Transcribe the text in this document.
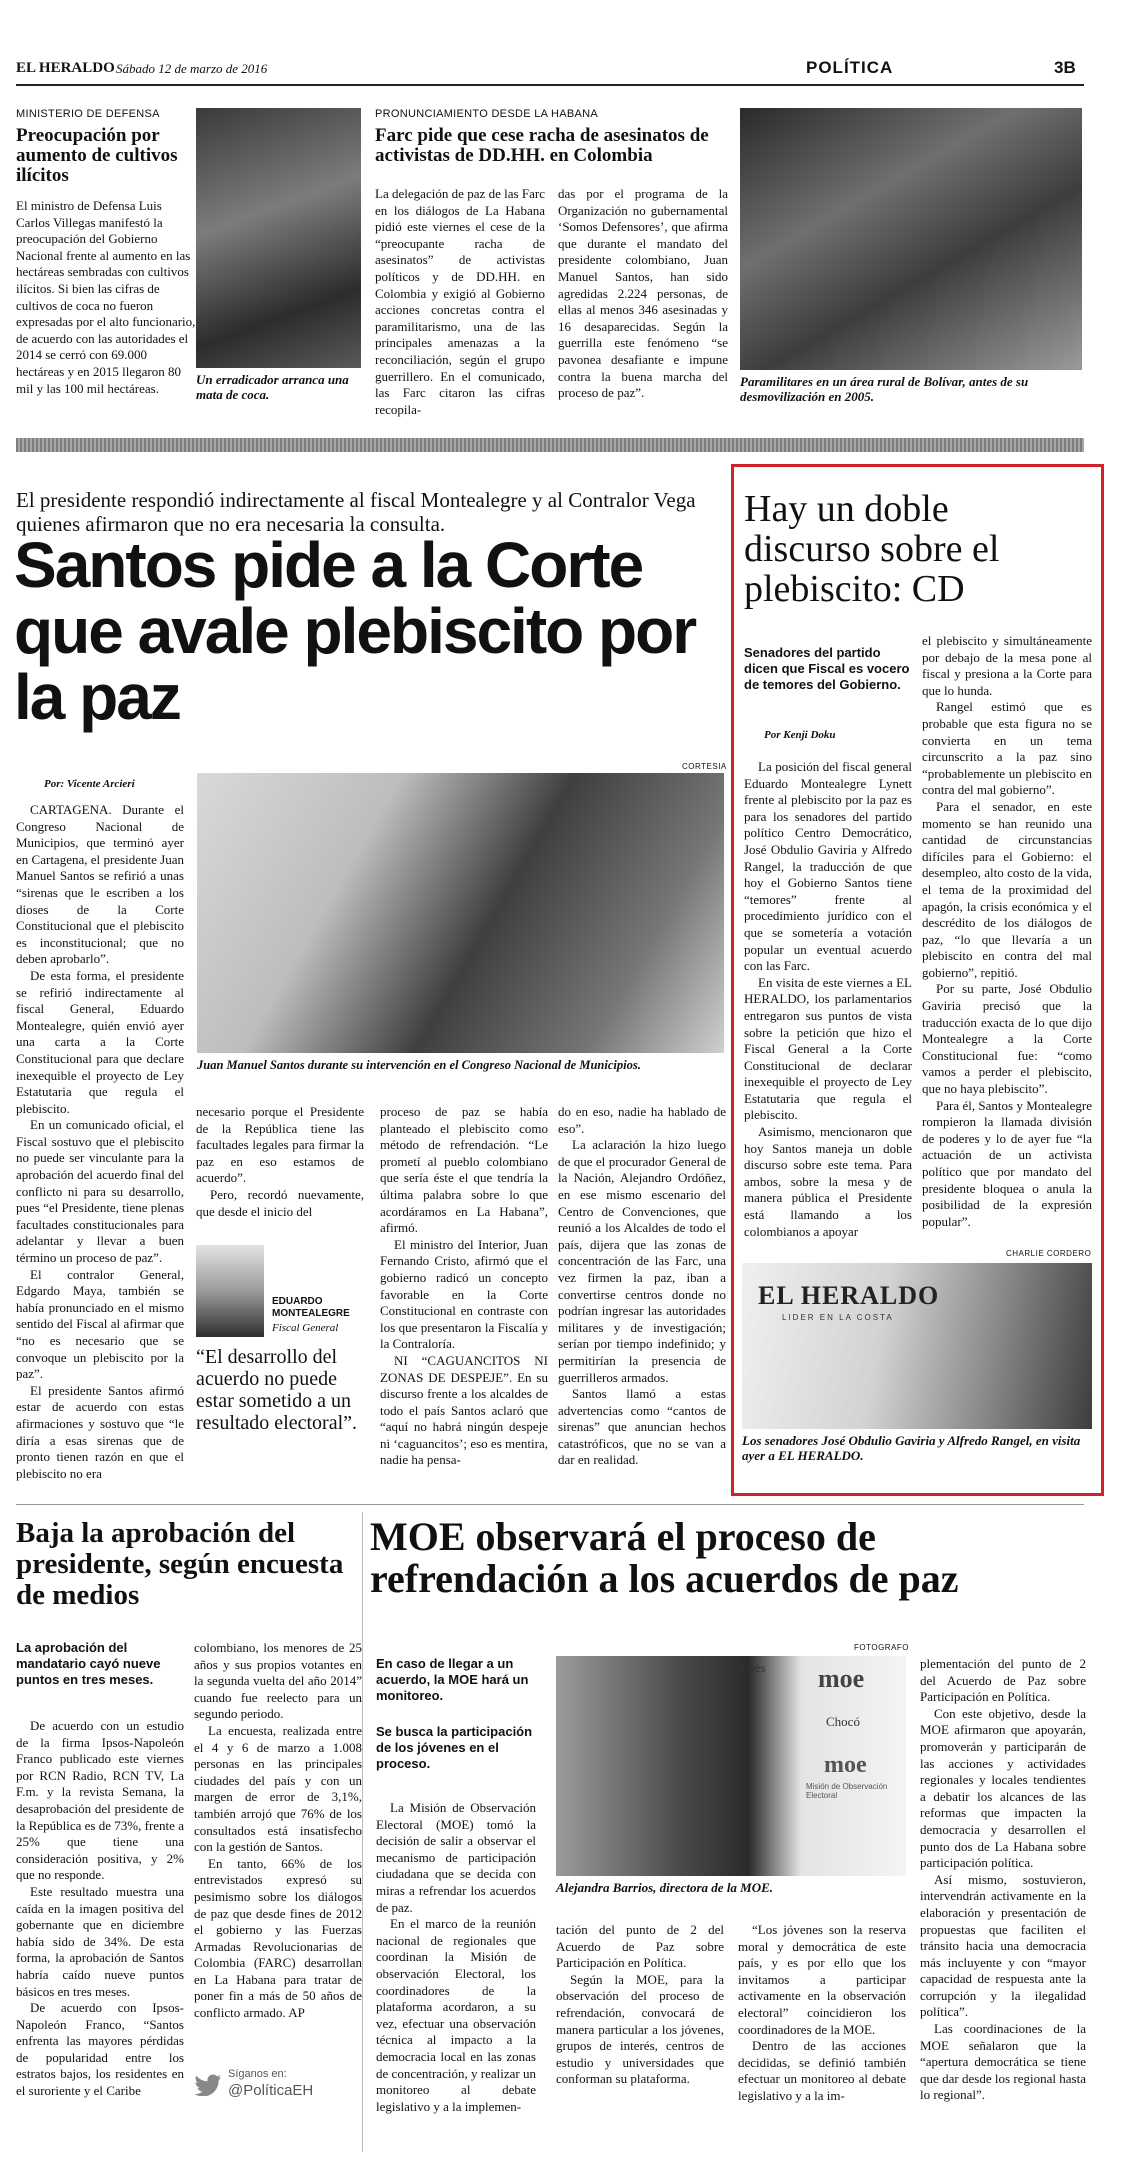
EL HERALDO Sábado 12 de marzo de 2016	POLÍTICA	3B
MINISTERIO DE DEFENSA
Preocupación por aumento de cultivos ilícitos

El ministro de Defensa Luis Carlos Villegas manifestó la preocupación del Gobierno Nacional frente al aumento en las hectáreas sembradas con cultivos ilícitos. Si bien las cifras de cultivos de coca no fueron expresadas por el alto funcionario, de acuerdo con las autoridades el 2014 se cerró con 69.000 hectáreas y en 2015 llegaron 80 mil y las 100 mil hectáreas.

Un erradicador arranca una mata de coca.
PRONUNCIAMIENTO DESDE LA HABANA
Farc pide que cese racha de asesinatos de activistas de DD.HH. en Colombia

La delegación de paz de las Farc en los diálogos de La Habana pidió este viernes el cese de la “preocupante racha de asesinatos” de activistas políticos y de DD.HH. en Colombia y exigió al Gobierno acciones concretas contra el paramilitarismo, una de las principales amenazas a la reconciliación, según el grupo guerrillero. En el comunicado, las Farc citaron las cifras recopila-

das por el programa de la Organización no gubernamental ‘Somos Defensores’, que afirma que durante el mandato del presidente colombiano, Juan Manuel Santos, han sido agredidas 2.224 personas, de ellas al menos 346 asesinadas y 16 desaparecidas. Según la guerrilla este fenómeno “se pavonea desafiante e impune contra la buena marcha del proceso de paz”.

Paramilitares en un área rural de Bolívar, antes de su desmovilización en 2005.
El presidente respondió indirectamente al fiscal Montealegre y al Contralor Vega quienes afirmaron que no era necesaria la consulta.
Santos pide a la Corte que avale plebiscito por la paz
Por: Vicente Arcieri
CORTESIA
Juan Manuel Santos durante su intervención en el Congreso Nacional de Municipios.

CARTAGENA. Durante el Congreso Nacional de Municipios, que terminó ayer en Cartagena, el presidente Juan Manuel Santos se refirió a unas “sirenas que le escriben a los dioses de la Corte Constitucional que el plebiscito es inconstitucional; que no deben aprobarlo”.

De esta forma, el presidente se refirió indirectamente al fiscal General, Eduardo Montealegre, quién envió ayer una carta a la Corte Constitucional para que declare inexequible el proyecto de Ley Estatutaria que regula el plebiscito.

En un comunicado oficial, el Fiscal sostuvo que el plebiscito no puede ser vinculante para la aprobación del acuerdo final del conflicto ni para su desarrollo, pues “el Presidente, tiene plenas facultades constitucionales para adelantar y llevar a buen término un proceso de paz”.

El contralor General, Edgardo Maya, también se había pronunciado en el mismo sentido del Fiscal al afirmar que “no es necesario que se convoque un plebiscito por la paz”.

El presidente Santos afirmó estar de acuerdo con estas afirmaciones y sostuvo que “le diría a esas sirenas que de pronto tienen razón en que el plebiscito no era

necesario porque el Presidente de la República tiene las facultades legales para firmar la paz en eso estamos de acuerdo”.

Pero, recordó nuevamente, que desde el inicio del

EDUARDO MONTEALEGRE
Fiscal General
“El desarrollo del acuerdo no puede estar sometido a un resultado electoral”.

proceso de paz se había planteado el plebiscito como método de refrendación. “Le prometí al pueblo colombiano que sería éste el que tendría la última palabra sobre lo que acordáramos en La Habana”, afirmó.

El ministro del Interior, Juan Fernando Cristo, afirmó que el gobierno radicó un concepto favorable en la Corte Constitucional en contraste con los que presentaron la Fiscalía y la Contraloría.

NI “CAGUANCITOS NI ZONAS DE DESPEJE”. En su discurso frente a los alcaldes de todo el país Santos aclaró que “aquí no habrá ningún despeje ni ‘caguancitos’; eso es mentira, nadie ha pensa-

do en eso, nadie ha hablado de eso”.

La aclaración la hizo luego de que el procurador General de la Nación, Alejandro Ordóñez, en ese mismo escenario del Centro de Convenciones, que reunió a los Alcaldes de todo el país, dijera que las zonas de concentración de las Farc, una vez firmen la paz, iban a convertirse centros donde no podrían ingresar las autoridades militares y de investigación; serían por tiempo indefinido; y permitirían la presencia de guerrilleros armados.

Santos llamó a estas advertencias como “cantos de sirenas” que anuncian hechos catastróficos, que no se van a dar en realidad.

Hay un doble discurso sobre el plebiscito: CD
Senadores del partido dicen que Fiscal es vocero de temores del Gobierno.
Por Kenji Doku

La posición del fiscal general Eduardo Montealegre Lynett frente al plebiscito por la paz es para los senadores del partido político Centro Democrático, José Obdulio Gaviria y Alfredo Rangel, la traducción de que hoy el Gobierno Santos tiene “temores” frente al procedimiento jurídico con el que se sometería a votación popular un eventual acuerdo con las Farc.

En visita de este viernes a EL HERALDO, los parlamentarios entregaron sus puntos de vista sobre la petición que hizo el Fiscal General a la Corte Constitucional de declarar inexequible el proyecto de Ley Estatutaria que regula el plebiscito.

Asimismo, mencionaron que hoy Santos maneja un doble discurso sobre este tema. Para ambos, sobre la mesa y de manera pública el Presidente está llamando a los colombianos a apoyar

el plebiscito y simultáneamente por debajo de la mesa pone al fiscal y presiona a la Corte para que lo hunda.

Rangel estimó que es probable que esta figura no se convierta en un tema circunscrito a la paz sino “probablemente un plebiscito en contra del mal gobierno”.

Para el senador, en este momento se han reunido una cantidad de circunstancias difíciles para el Gobierno: el desempleo, alto costo de la vida, el tema de la proximidad del apagón, la crisis económica y el descrédito de los diálogos de paz, “lo que llevaría a un plebiscito en contra del mal gobierno”, repitió.

Por su parte, José Obdulio Gaviria precisó que la traducción exacta de lo que dijo Montealegre a la Corte Constitucional fue: “como vamos a perder el plebiscito, que no haya plebiscito”.

Para él, Santos y Montealegre rompieron la llamada división de poderes y lo de ayer fue “la actuación de un activista político que por mandato del presidente bloquea o anula la posibilidad de la expresión popular”.

CHARLIE CORDERO
EL HERALDO
LIDER EN LA COSTA
Los senadores José Obdulio Gaviria y Alfredo Rangel, en visita ayer a EL HERALDO.
Baja la aprobación del presidente, según encuesta de medios
La aprobación del mandatario cayó nueve puntos en tres meses.

De acuerdo con un estudio de la firma Ipsos-Napoleón Franco publicado este viernes por RCN Radio, RCN TV, La F.m. y la revista Semana, la desaprobación del presidente de la República es de 73%, frente a 25% que tiene una consideración positiva, y 2% que no responde.

Este resultado muestra una caída en la imagen positiva del gobernante que en diciembre había sido de 34%. De esta forma, la aprobación de Santos habría caído nueve puntos básicos en tres meses.

De acuerdo con Ipsos-Napoleón Franco, “Santos enfrenta las mayores pérdidas de popularidad entre los estratos bajos, los residentes en el suroriente y el Caribe

colombiano, los menores de 25 años y sus propios votantes en la segunda vuelta del año 2014” cuando fue reelecto para un segundo periodo.

La encuesta, realizada entre el 4 y 6 de marzo a 1.008 personas en las principales ciudades del país y con un margen de error de 3,1%, también arrojó que 76% de los consultados está insatisfecho con la gestión de Santos.

En tanto, 66% de los entrevistados expresó su pesimismo sobre los diálogos de paz que desde fines de 2012 el gobierno y las Fuerzas Armadas Revolucionarias de Colombia (FARC) desarrollan en La Habana para tratar de poner fin a más de 50 años de conflicto armado. AP

Síganos en:
@PolíticaEH
MOE observará el proceso de refrendación a los acuerdos de paz
En caso de llegar a un acuerdo, la MOE hará un monitoreo.
Se busca la participación de los jóvenes en el proceso.

La Misión de Observación Electoral (MOE) tomó la decisión de salir a observar el mecanismo de participación ciudadana que se decida con miras a refrendar los acuerdos de paz.

En el marco de la reunión nacional de regionales que coordinan la Misión de observación Electoral, los coordinadores de la plataforma acordaron, a su vez, efectuar una observación técnica al impacto a la democracia local en las zonas de concentración, y realizar un monitoreo al debate legislativo y a la implemen-

FOTOGRAFO
Vaupés moe
Chocó
moe
Misión de Observación Electoral
Alejandra Barrios, directora de la MOE.

tación del punto de 2 del Acuerdo de Paz sobre Participación en Política.

Según la MOE, para la observación del proceso de refrendación, convocará de manera particular a los jóvenes, grupos de interés, centros de estudio y universidades que conforman su plataforma.

“Los jóvenes son la reserva moral y democrática de este país, y es por ello que los invitamos a participar activamente en la observación electoral” coincidieron los coordinadores de la MOE.

Dentro de las acciones decididas, se definió también efectuar un monitoreo al debate legislativo y a la im-

plementación del punto de 2 del Acuerdo de Paz sobre Participación en Política.

Con este objetivo, desde la MOE afirmaron que apoyarán, promoverán y participarán de las acciones y actividades regionales y locales tendientes a debatir los alcances de las reformas que impacten la democracia y desarrollen el punto dos de La Habana sobre participación política.

Así mismo, sostuvieron, intervendrán activamente en la elaboración y presentación de propuestas que faciliten el tránsito hacia una democracia más incluyente y con “mayor capacidad de respuesta ante la corrupción y la ilegalidad política”.

Las coordinaciones de la MOE señalaron que la “apertura democrática se tiene que dar desde los regional hasta lo regional”.
